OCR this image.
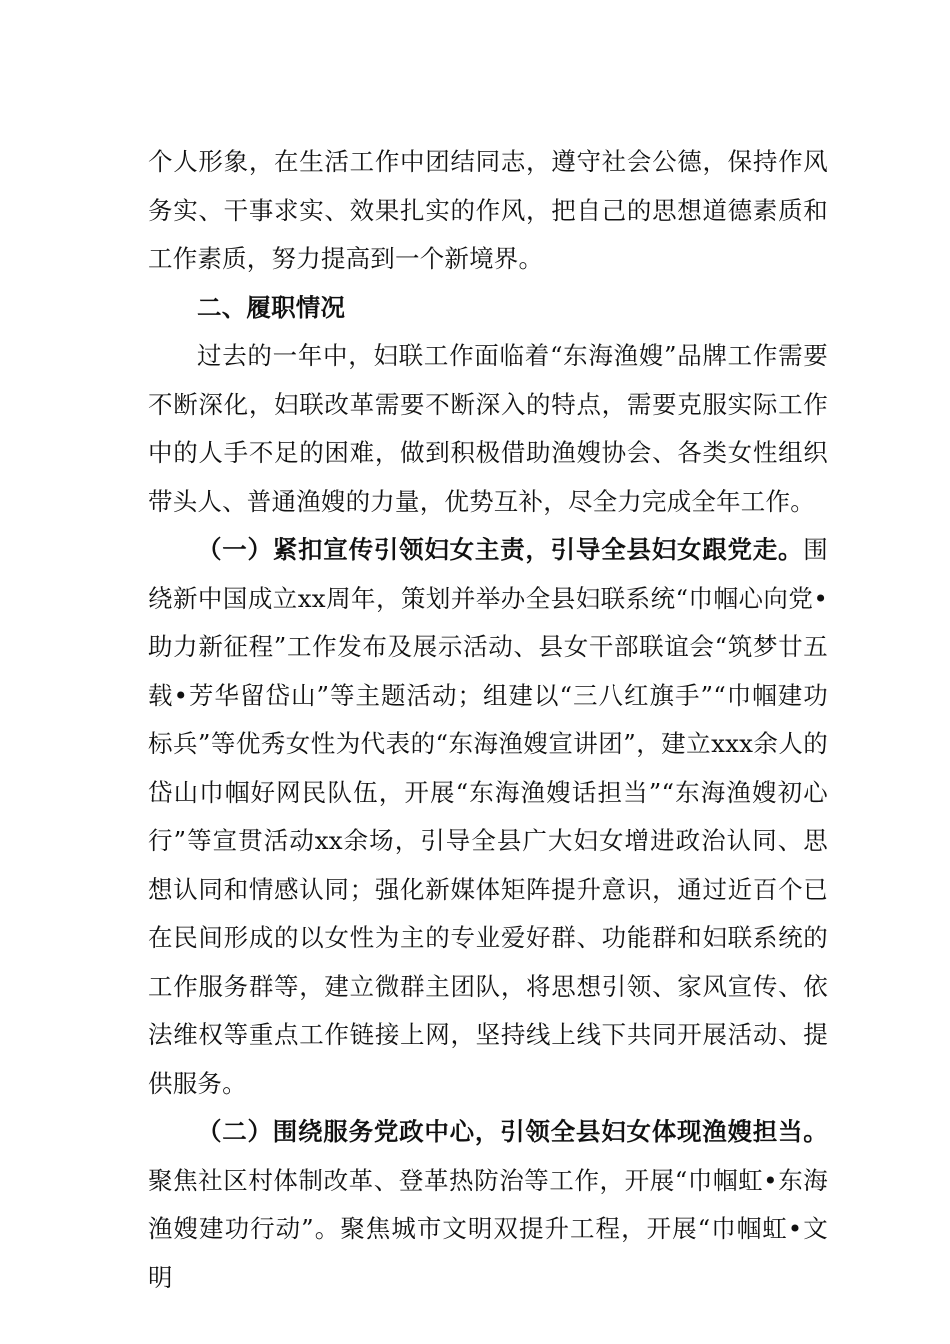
个人形象，在生活工作中团结同志，遵守社会公德，保持作风务实、干事求实、效果扎实的作风，把自己的思想道德素质和工作素质，努力提高到一个新境界。

二、履职情况

过去的一年中，妇联工作面临着“东海渔嫂”品牌工作需要不断深化，妇联改革需要不断深入的特点，需要克服实际工作中的人手不足的困难，做到积极借助渔嫂协会、各类女性组织带头人、普通渔嫂的力量，优势互补，尽全力完成全年工作。

（一）紧扣宣传引领妇女主责，引导全县妇女跟党走。围绕新中国成立xx周年，策划并举办全县妇联系统“巾帼心向党•助力新征程”工作发布及展示活动、县女干部联谊会“筑梦廿五载•芳华留岱山”等主题活动；组建以“三八红旗手”“巾帼建功标兵”等优秀女性为代表的“东海渔嫂宣讲团”，建立xxx余人的岱山巾帼好网民队伍，开展“东海渔嫂话担当”“东海渔嫂初心行”等宣贯活动xx余场，引导全县广大妇女增进政治认同、思想认同和情感认同；强化新媒体矩阵提升意识，通过近百个已在民间形成的以女性为主的专业爱好群、功能群和妇联系统的工作服务群等，建立微群主团队，将思想引领、家风宣传、依法维权等重点工作链接上网，坚持线上线下共同开展活动、提供服务。

（二）围绕服务党政中心，引领全县妇女体现渔嫂担当。聚焦社区村体制改革、登革热防治等工作，开展“巾帼虹•东海渔嫂建功行动”。聚焦城市文明双提升工程，开展“巾帼虹•文明
